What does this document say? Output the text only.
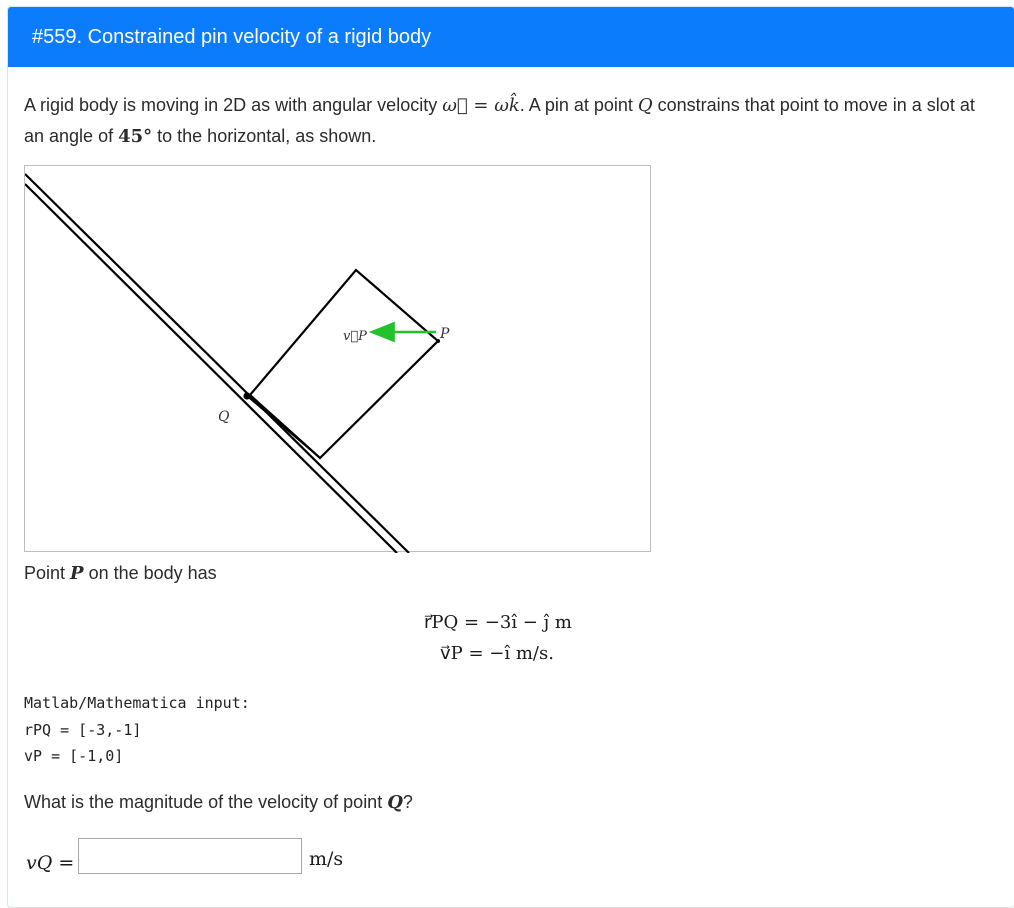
#559. Constrained pin velocity of a rigid body
A rigid body is moving in 2D as with angular velocity ω⃗ = ωk̂. A pin at point Q constrains that point to move in a slot at an angle of 45° to the horizontal, as shown.
v⃗P	P
Q
Point P on the body has
r⃗PQ = −3ı̂ − ȷ̂ m
v⃗P = −ı̂ m/s.
Matlab/Mathematica input:
rPQ = [-3,-1]
vP = [-1,0]
What is the magnitude of the velocity of point Q?
vQ =	m/s
